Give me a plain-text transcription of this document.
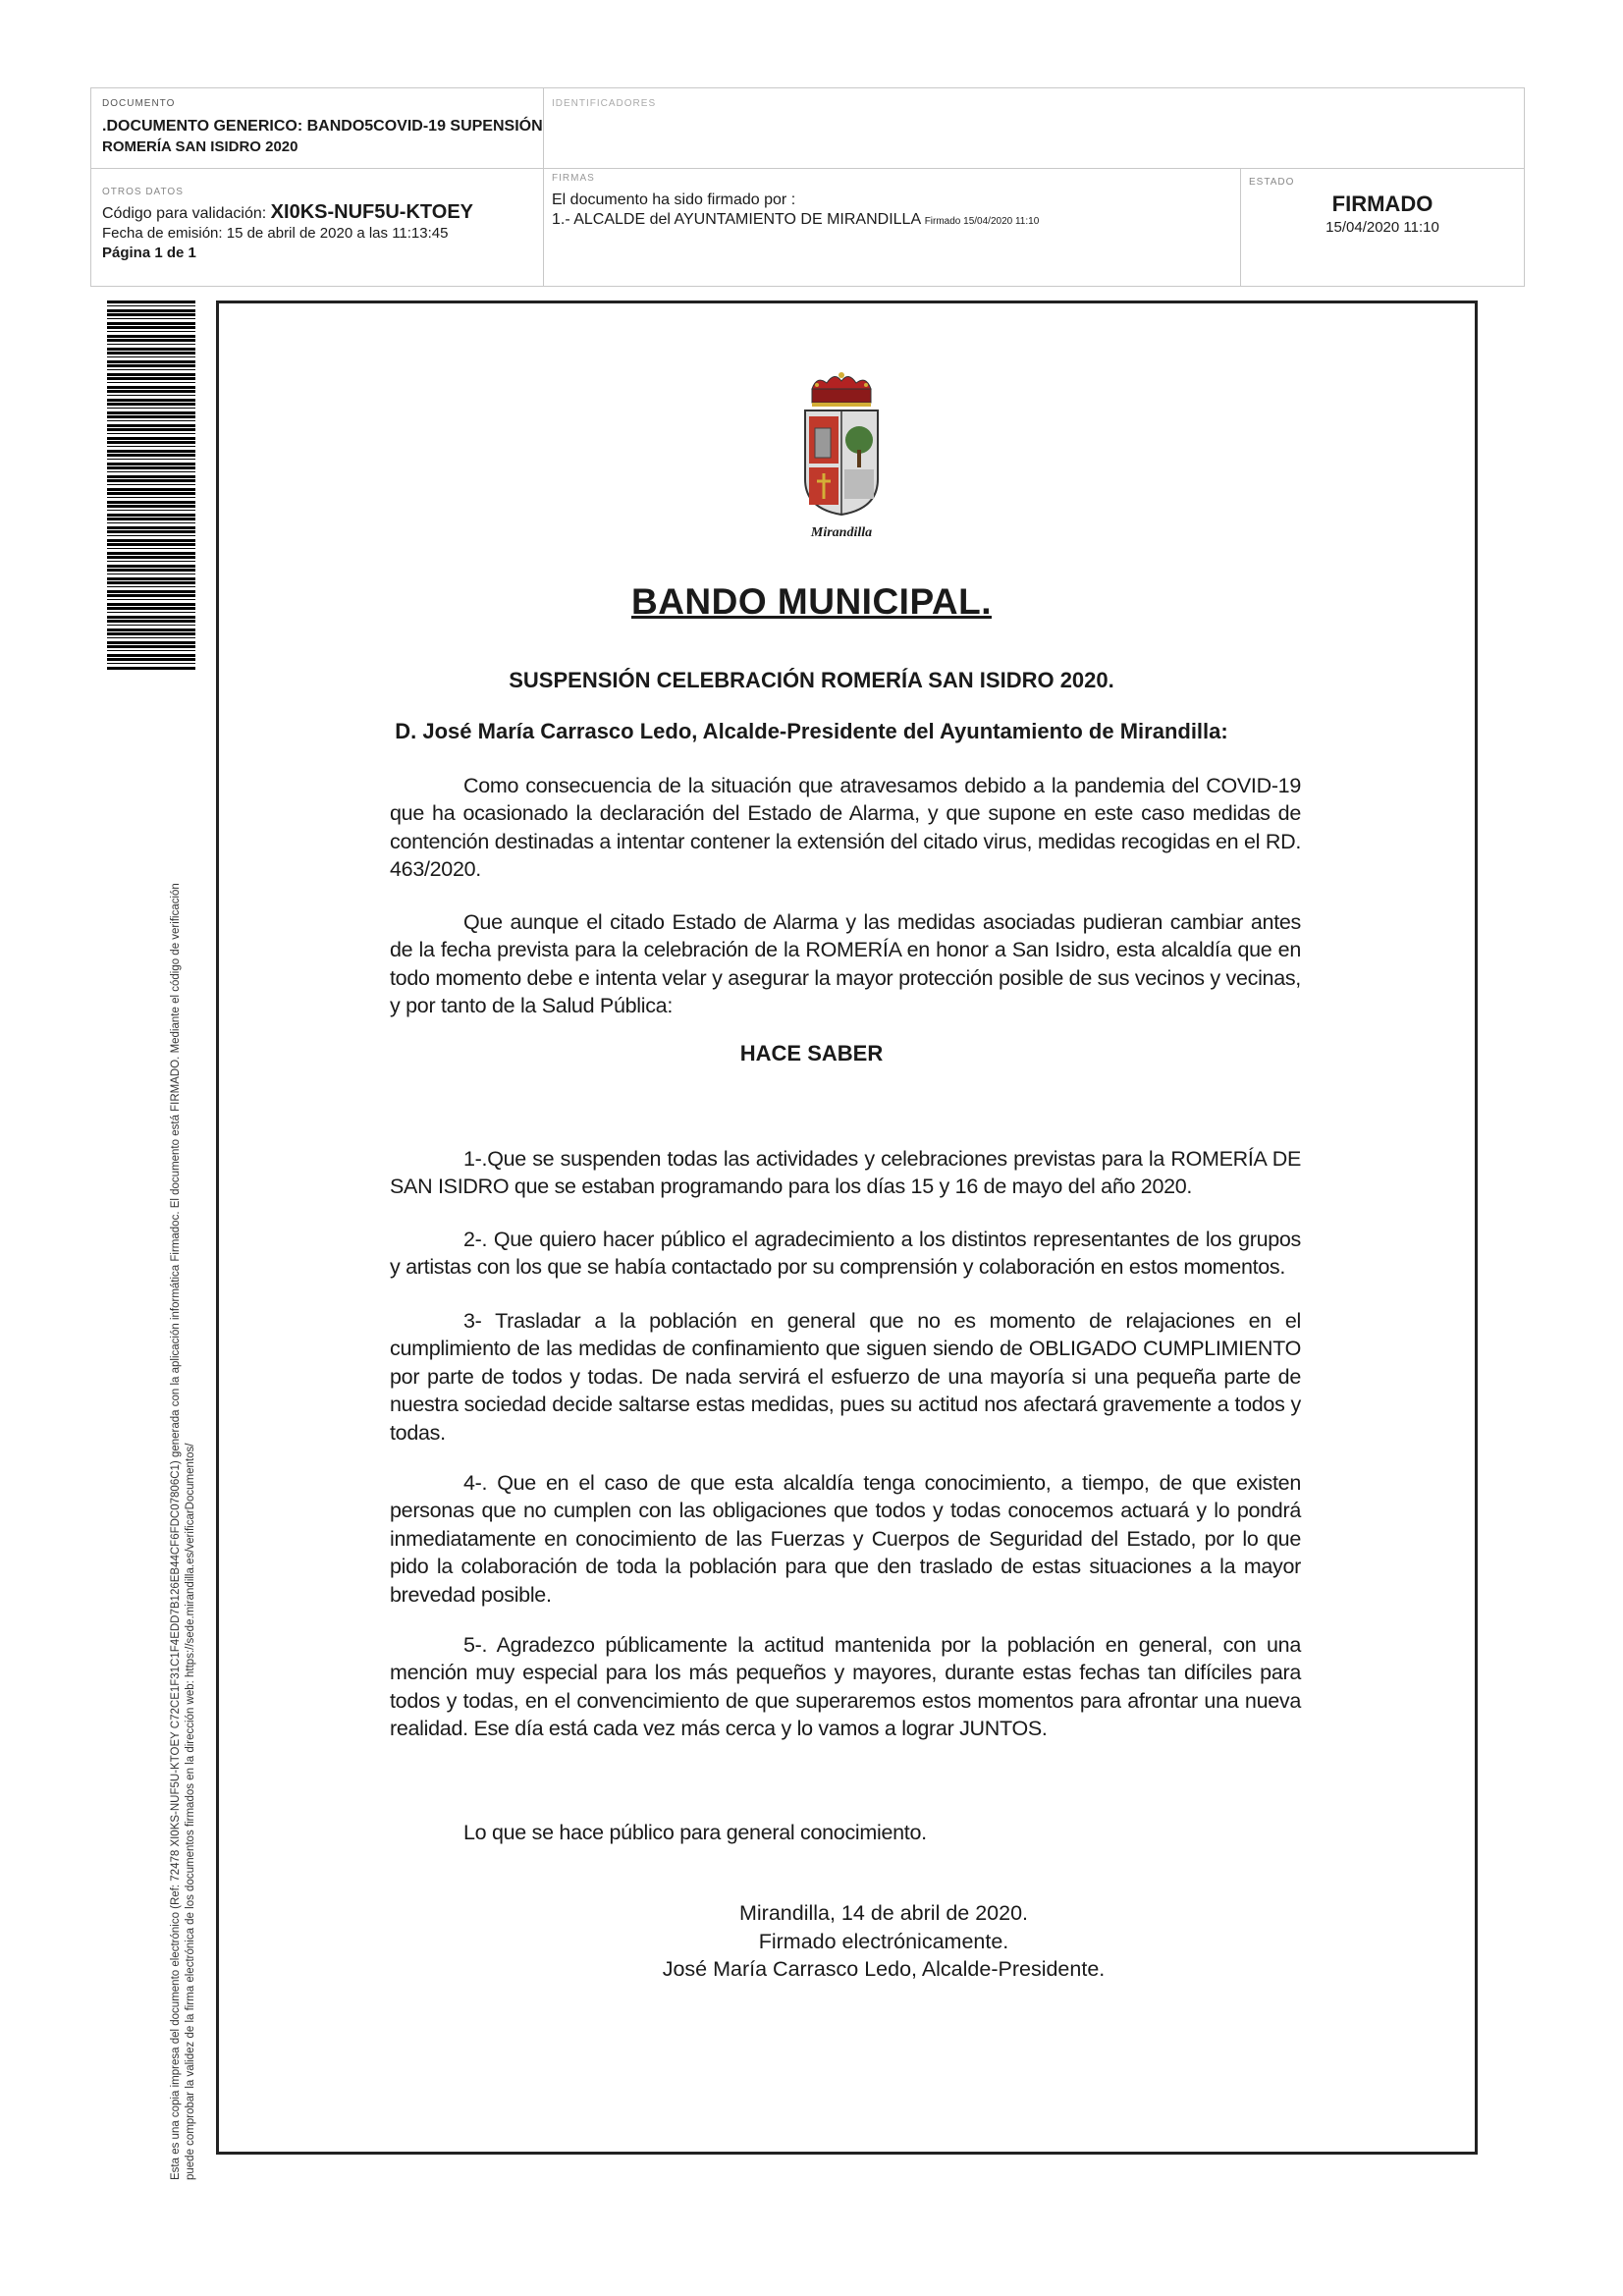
DOCUMENTO
.DOCUMENTO GENERICO: BANDO5COVID-19 SUPENSIÓN
ROMERÍA SAN ISIDRO 2020
IDENTIFICADORES
OTROS DATOS
Código para validación: XI0KS-NUF5U-KTOEY
Fecha de emisión: 15 de abril de 2020 a las 11:13:45
Página 1 de 1
FIRMAS
El documento ha sido firmado por :
1.- ALCALDE del AYUNTAMIENTO DE MIRANDILLA Firmado 15/04/2020 11:10
ESTADO
FIRMADO
15/04/2020 11:10
Esta es una copia impresa del documento electrónico (Ref: 72478 XI0KS-NUF5U-KTOEY C72CE1F31C1F4EDD7B126EB44CF6FDC07806C1) generada con la aplicación informática Firmadoc. El documento está FIRMADO. Mediante el código de verificación puede comprobar la validez de la firma electrónica de los documentos firmados en la dirección web: https://sede.mirandilla.es/verificarDocumentos/
Mirandilla
BANDO MUNICIPAL.
SUSPENSIÓN CELEBRACIÓN ROMERÍA SAN ISIDRO 2020.
D. José María Carrasco Ledo, Alcalde-Presidente del Ayuntamiento de Mirandilla:

Como consecuencia de la situación que atravesamos debido a la pandemia del COVID-19 que ha ocasionado la declaración del Estado de Alarma, y que supone en este caso medidas de contención destinadas a intentar contener la extensión del citado virus, medidas recogidas en el RD. 463/2020.

Que aunque el citado Estado de Alarma y las medidas asociadas pudieran cambiar antes de la fecha prevista para la celebración de la ROMERÍA en honor a San Isidro, esta alcaldía que en todo momento debe e intenta velar y asegurar la mayor protección posible de sus vecinos y vecinas, y por tanto de la Salud Pública:

HACE SABER

1-.Que se suspenden todas las actividades y celebraciones previstas para la ROMERÍA DE SAN ISIDRO que se estaban programando para los días 15 y 16 de mayo del año 2020.

2-. Que quiero hacer público el agradecimiento a los distintos representantes de los grupos y artistas con los que se había contactado por su comprensión y colaboración en estos momentos.

3- Trasladar a la población en general que no es momento de relajaciones en el cumplimiento de las medidas de confinamiento que siguen siendo de OBLIGADO CUMPLIMIENTO por parte de todos y todas. De nada servirá el esfuerzo de una mayoría si una pequeña parte de nuestra sociedad decide saltarse estas medidas, pues su actitud nos afectará gravemente a todos y todas.

4-. Que en el caso de que esta alcaldía tenga conocimiento, a tiempo, de que existen personas que no cumplen con las obligaciones que todos y todas conocemos actuará y lo pondrá inmediatamente en conocimiento de las Fuerzas y Cuerpos de Seguridad del Estado, por lo que pido la colaboración de toda la población para que den traslado de estas situaciones a la mayor brevedad posible.

5-. Agradezco públicamente la actitud mantenida por la población en general, con una mención muy especial para los más pequeños y mayores, durante estas fechas tan difíciles para todos y todas, en el convencimiento de que superaremos estos momentos para afrontar una nueva realidad. Ese día está cada vez más cerca y lo vamos a lograr JUNTOS.

Lo que se hace público para general conocimiento.

Mirandilla, 14 de abril de 2020.
Firmado electrónicamente.
José María Carrasco Ledo, Alcalde-Presidente.
